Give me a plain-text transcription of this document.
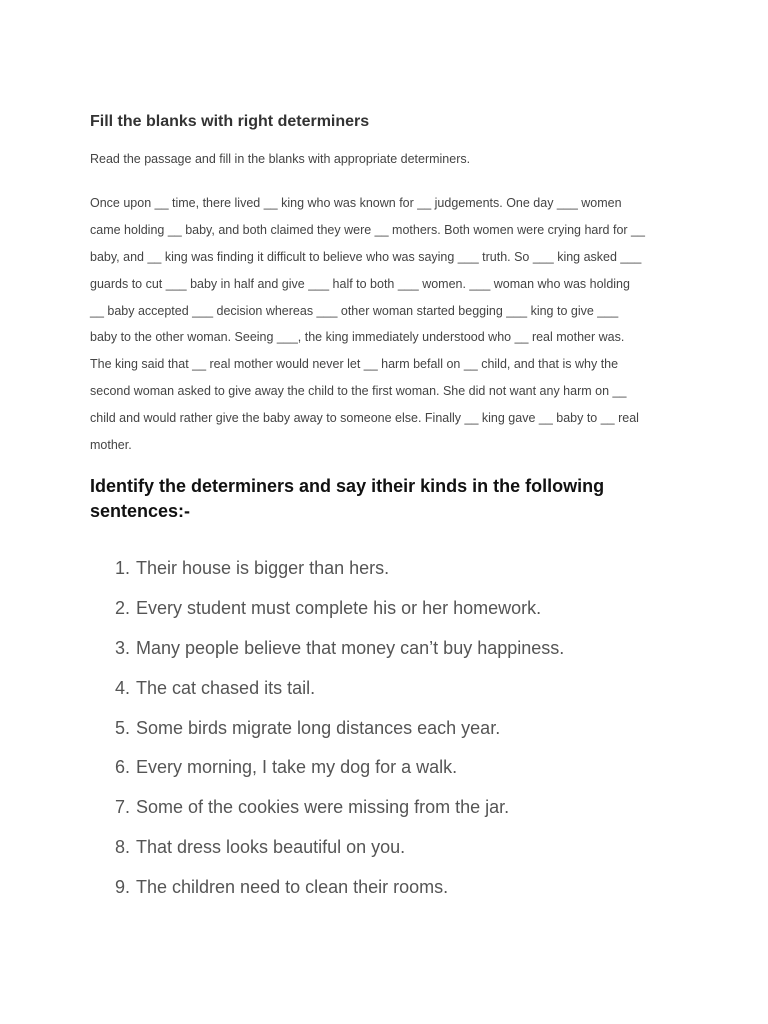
Fill the blanks with right determiners
Read the passage and fill in the blanks with appropriate determiners.
Once upon __ time, there lived __ king who was known for __ judgements. One day ___ women
came holding __ baby, and both claimed they were __ mothers. Both women were crying hard for __
baby, and __ king was finding it difficult to believe who was saying ___ truth. So ___ king asked ___
guards to cut ___ baby in half and give ___ half to both ___ women. ___ woman who was holding
__ baby accepted ___ decision whereas ___ other woman started begging ___ king to give ___
baby to the other woman. Seeing ___, the king immediately understood who __ real mother was.
The king said that __ real mother would never let __ harm befall on __ child, and that is why the
second woman asked to give away the child to the first woman. She did not want any harm on __
child and would rather give the baby away to someone else. Finally __ king gave __ baby to __ real
mother.
Identify the determiners and say itheir kinds in the following sentences:-
1. Their house is bigger than hers.
2. Every student must complete his or her homework.
3. Many people believe that money can’t buy happiness.
4. The cat chased its tail.
5. Some birds migrate long distances each year.
6. Every morning, I take my dog for a walk.
7. Some of the cookies were missing from the jar.
8. That dress looks beautiful on you.
9. The children need to clean their rooms.
